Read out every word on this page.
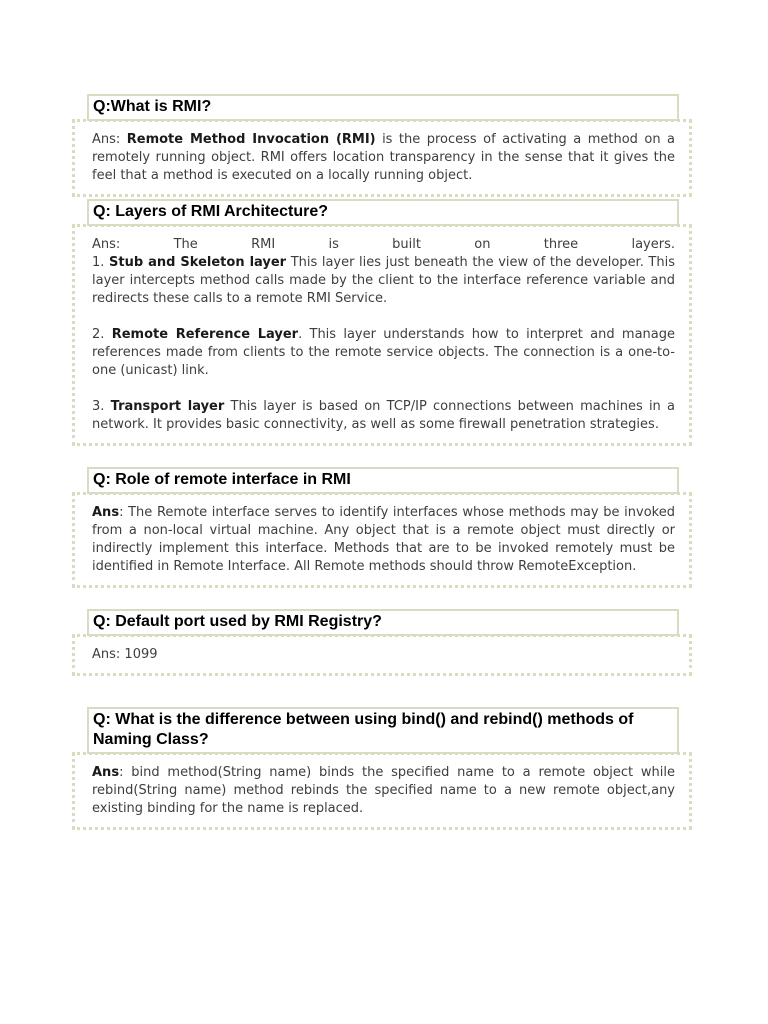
Q:What is RMI?

Ans: Remote Method Invocation (RMI) is the process of activating a method on a remotely running object. RMI offers location transparency in the sense that it gives the feel that a method is executed on a locally running object.

Q: Layers of RMI Architecture?

Ans: The RMI is built on three layers.

1. Stub and Skeleton layer This layer lies just beneath the view of the developer. This layer intercepts method calls made by the client to the interface reference variable and redirects these calls to a remote RMI Service.

2. Remote Reference Layer. This layer understands how to interpret and manage references made from clients to the remote service objects. The connection is a one-to-one (unicast) link.

3. Transport layer This layer is based on TCP/IP connections between machines in a network. It provides basic connectivity, as well as some firewall penetration strategies.

Q: Role of remote interface in RMI

Ans: The Remote interface serves to identify interfaces whose methods may be invoked from a non-local virtual machine. Any object that is a remote object must directly or indirectly implement this interface. Methods that are to be invoked remotely must be identified in Remote Interface. All Remote methods should throw RemoteException.

Q: Default port used by RMI Registry?

Ans: 1099

Q: What is the difference between using bind() and rebind() methods of Naming Class?

Ans: bind method(String name) binds the specified name to a remote object while rebind(String name) method rebinds the specified name to a new remote object,any existing binding for the name is replaced.
